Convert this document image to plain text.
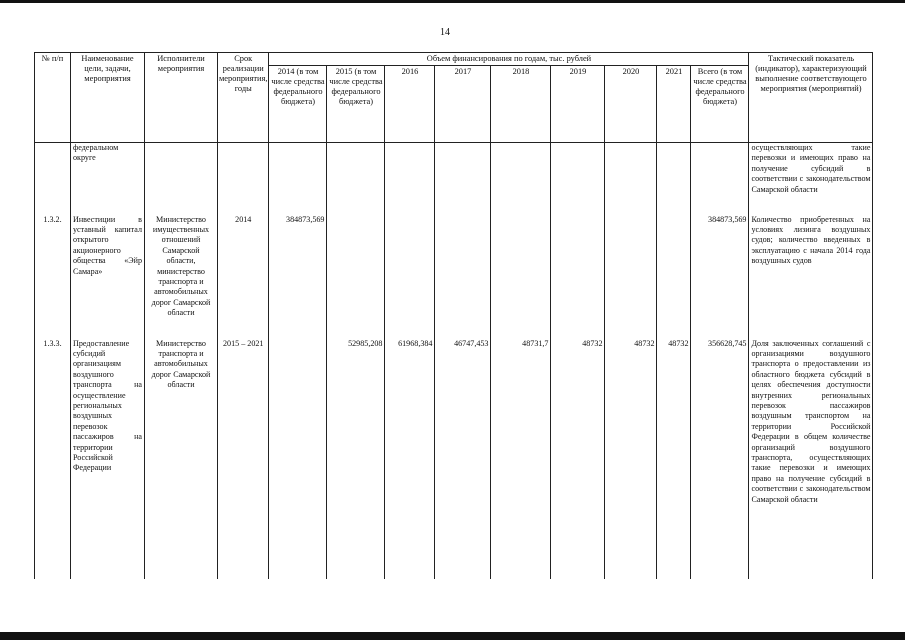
14
№ п/п	Наименование цели, задачи, мероприятия	Исполнители мероприятия	Срок реализации мероприятия, годы	Объем финансирования по годам, тыс. рублей									Тактический показатель (индикатор), характеризующий выполнение соответствующего мероприятия (мероприятий)
				2014 (в том числе средства федерального бюджета)	2015 (в том числе средства федерального бюджета)	2016	2017	2018	2019	2020	2021	Всего (в том числе средства федерального бюджета)	
	федеральном округе												осуществляющих такие перевозки и имеющих право на получение субсидий в соответствии с законодательством Самарской области
1.3.2.	Инвестиции в уставный капитал открытого акционерного общества «Эйр Самара»	Министерство имущественных отношений Самарской области, министерство транспорта и автомобильных дорог Самарской области	2014	384873,569								384873,569	Количество приобретенных на условиях лизинга воздушных судов; количество введенных в эксплуатацию с начала 2014 года воздушных судов
1.3.3.	Предоставление субсидий организациям воздушного транспорта на осуществление региональных воздушных перевозок пассажиров на территории Российской Федерации	Министерство транспорта и автомобильных дорог Самарской области	2015 – 2021		52985,208	61968,384	46747,453	48731,7	48732	48732	48732	356628,745	Доля заключенных соглашений с организациями воздушного транспорта о предоставлении из областного бюджета субсидий в целях обеспечения доступности внутренних региональных перевозок пассажиров воздушным транспортом на территории Российской Федерации в общем количестве организаций воздушного транспорта, осуществляющих такие перевозки и имеющих право на получение субсидий в соответствии с законодательством Самарской области
